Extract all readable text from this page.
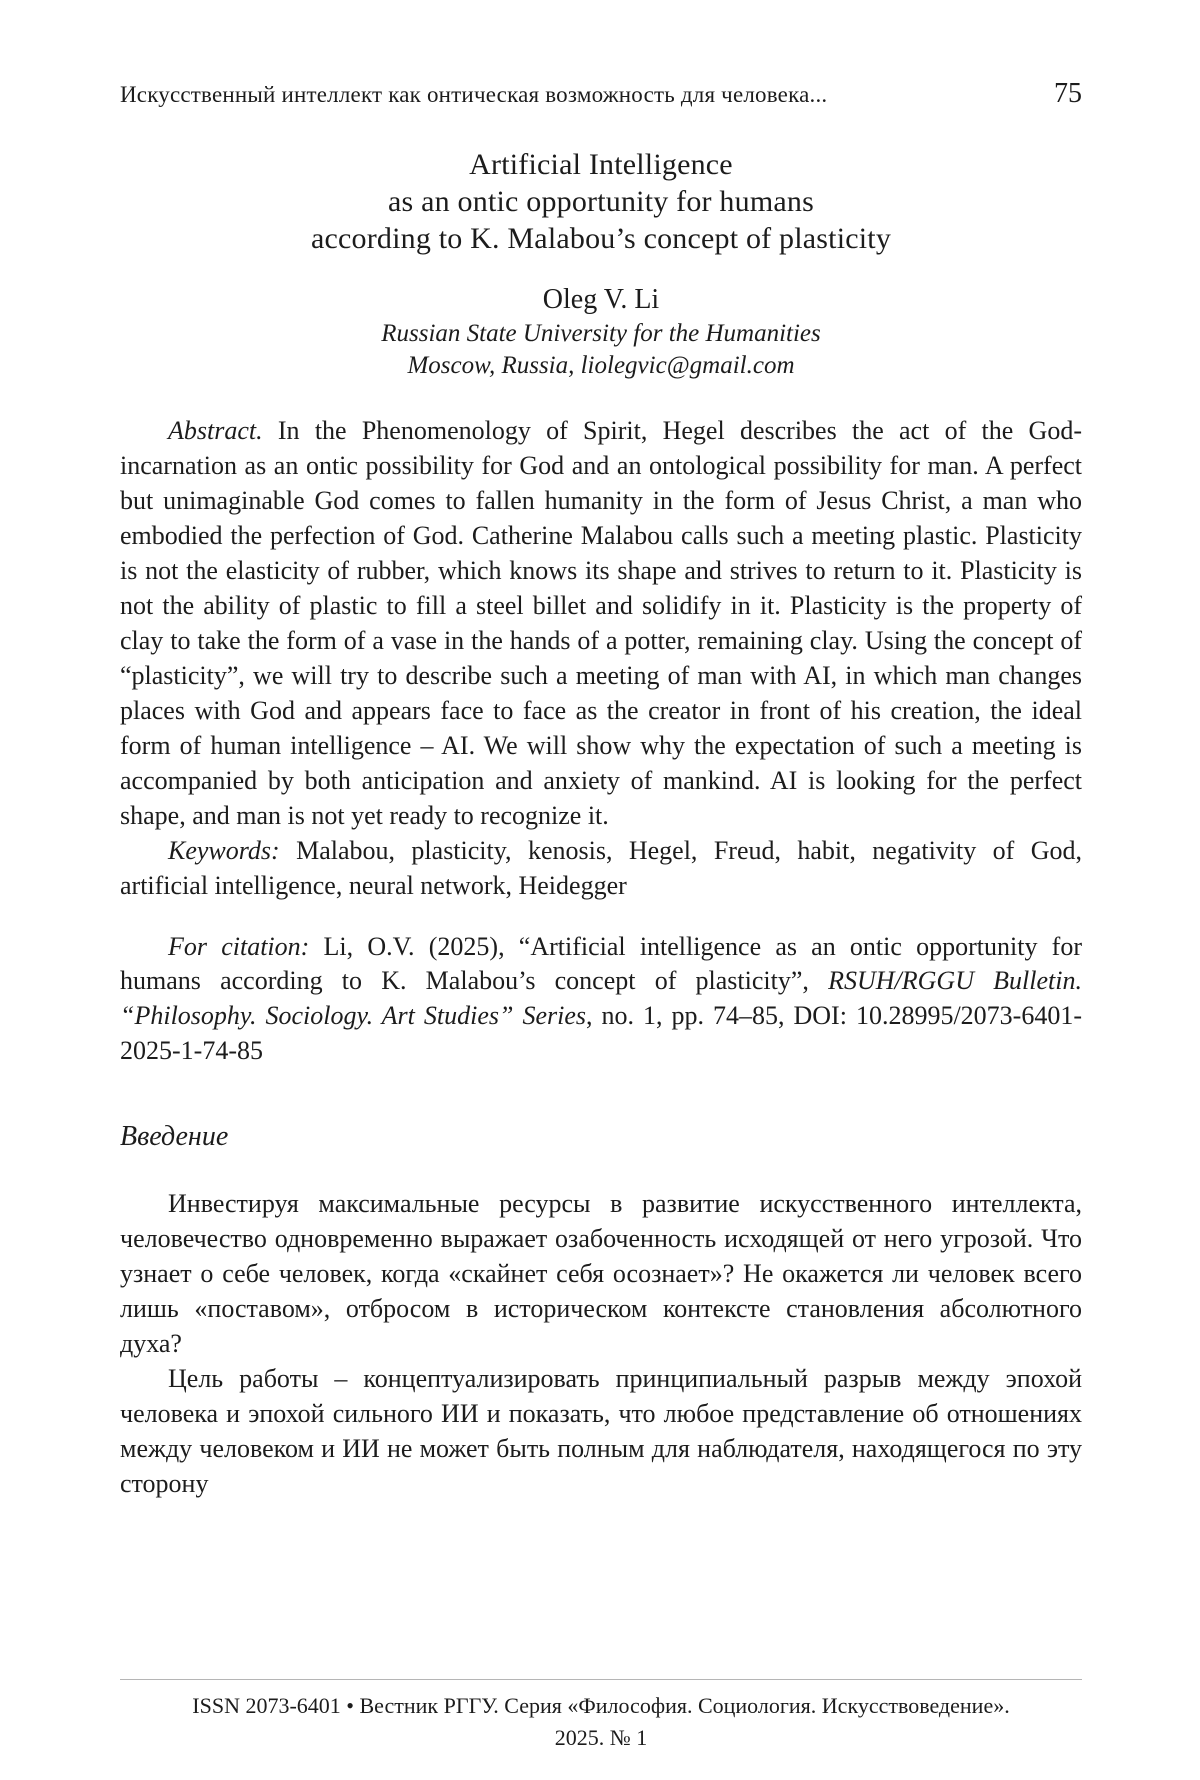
Искусственный интеллект как онтическая возможность для человека...	75
Artificial Intelligence
as an ontic opportunity for humans
according to K. Malabou’s concept of plasticity
Oleg V. Li
Russian State University for the Humanities
Moscow, Russia, liolegvic@gmail.com

Abstract. In the Phenomenology of Spirit, Hegel describes the act of the God-incarnation as an ontic possibility for God and an ontological possibility for man. A perfect but unimaginable God comes to fallen humanity in the form of Jesus Christ, a man who embodied the perfection of God. Catherine Malabou calls such a meeting plastic. Plasticity is not the elasticity of rubber, which knows its shape and strives to return to it. Plasticity is not the ability of plastic to fill a steel billet and solidify in it. Plasticity is the property of clay to take the form of a vase in the hands of a potter, remaining clay. Using the concept of “plasticity”, we will try to describe such a meeting of man with AI, in which man changes places with God and appears face to face as the creator in front of his creation, the ideal form of human intelligence – AI. We will show why the expectation of such a meeting is accompanied by both anticipation and anxiety of mankind. AI is looking for the perfect shape, and man is not yet ready to recognize it.

Keywords: Malabou, plasticity, kenosis, Hegel, Freud, habit, negativity of God, artificial intelligence, neural network, Heidegger

For citation: Li, O.V. (2025), “Artificial intelligence as an ontic opportunity for humans according to K. Malabou’s concept of plasticity”, RSUH/RGGU Bulletin. “Philosophy. Sociology. Art Studies” Series, no. 1, pp. 74–85, DOI: 10.28995/2073-6401-2025-1-74-85

Введение

Инвестируя максимальные ресурсы в развитие искусственного интеллекта, человечество одновременно выражает озабоченность исходящей от него угрозой. Что узнает о себе человек, когда «скайнет себя осознает»? Не окажется ли человек всего лишь «поставом», отбросом в историческом контексте становления абсолютного духа?

Цель работы – концептуализировать принципиальный разрыв между эпохой человека и эпохой сильного ИИ и показать, что любое представление об отношениях между человеком и ИИ не может быть полным для наблюдателя, находящегося по эту сторону

ISSN 2073-6401 • Вестник РГГУ. Серия «Философия. Социология. Искусствоведение».
2025. № 1
